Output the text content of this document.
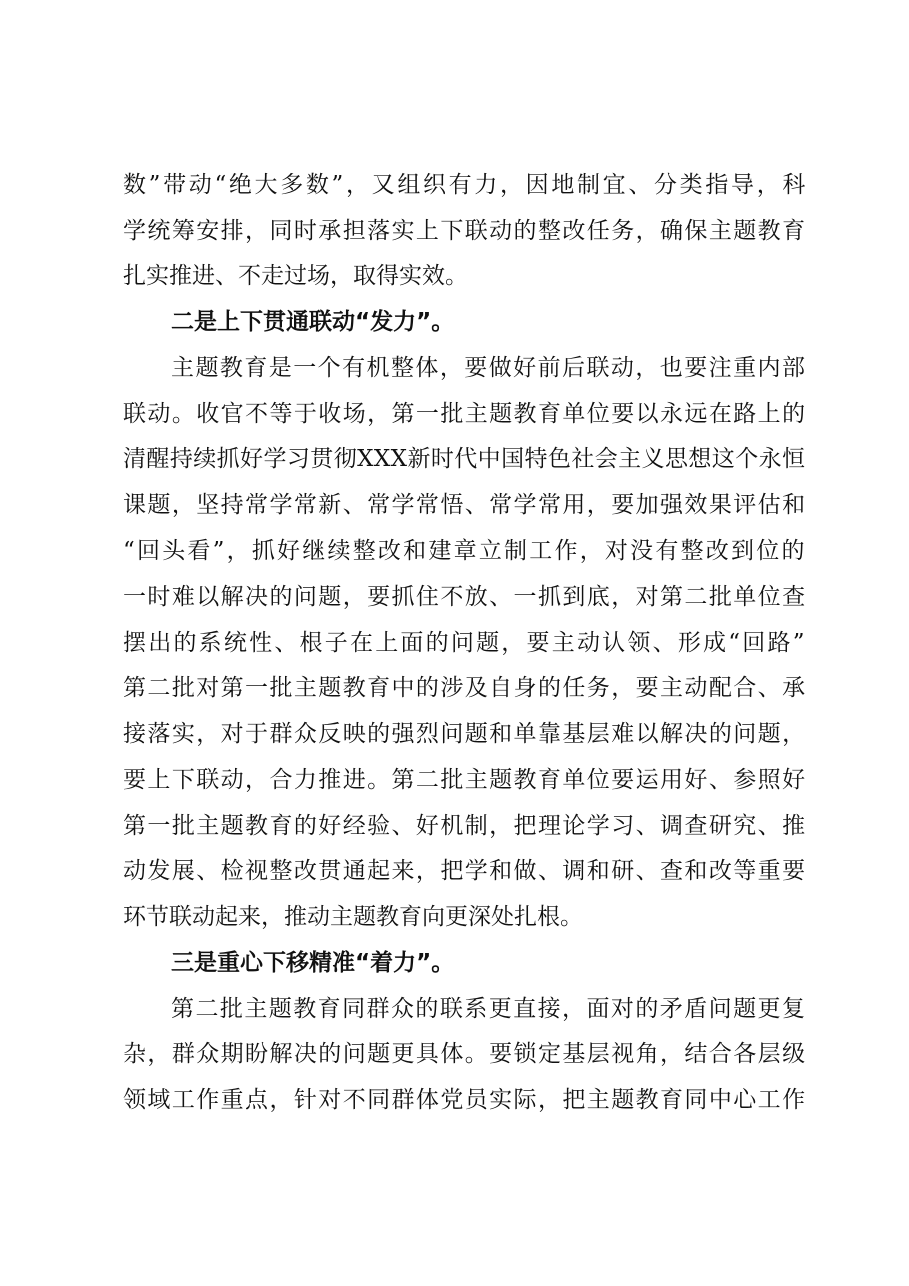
数”带动“绝大多数”，又组织有力，因地制宜、分类指导，科
学统筹安排，同时承担落实上下联动的整改任务，确保主题教育
扎实推进、不走过场，取得实效。
二是上下贯通联动“发力”。
主题教育是一个有机整体，要做好前后联动，也要注重内部
联动。收官不等于收场，第一批主题教育单位要以永远在路上的
清醒持续抓好学习贯彻XXX新时代中国特色社会主义思想这个永恒
课题，坚持常学常新、常学常悟、常学常用，要加强效果评估和
“回头看”，抓好继续整改和建章立制工作，对没有整改到位的
一时难以解决的问题，要抓住不放、一抓到底，对第二批单位查
摆出的系统性、根子在上面的问题，要主动认领、形成“回路”
第二批对第一批主题教育中的涉及自身的任务，要主动配合、承
接落实，对于群众反映的强烈问题和单靠基层难以解决的问题，
要上下联动，合力推进。第二批主题教育单位要运用好、参照好
第一批主题教育的好经验、好机制，把理论学习、调查研究、推
动发展、检视整改贯通起来，把学和做、调和研、查和改等重要
环节联动起来，推动主题教育向更深处扎根。
三是重心下移精准“着力”。
第二批主题教育同群众的联系更直接，面对的矛盾问题更复
杂，群众期盼解决的问题更具体。要锁定基层视角，结合各层级
领域工作重点，针对不同群体党员实际，把主题教育同中心工作
